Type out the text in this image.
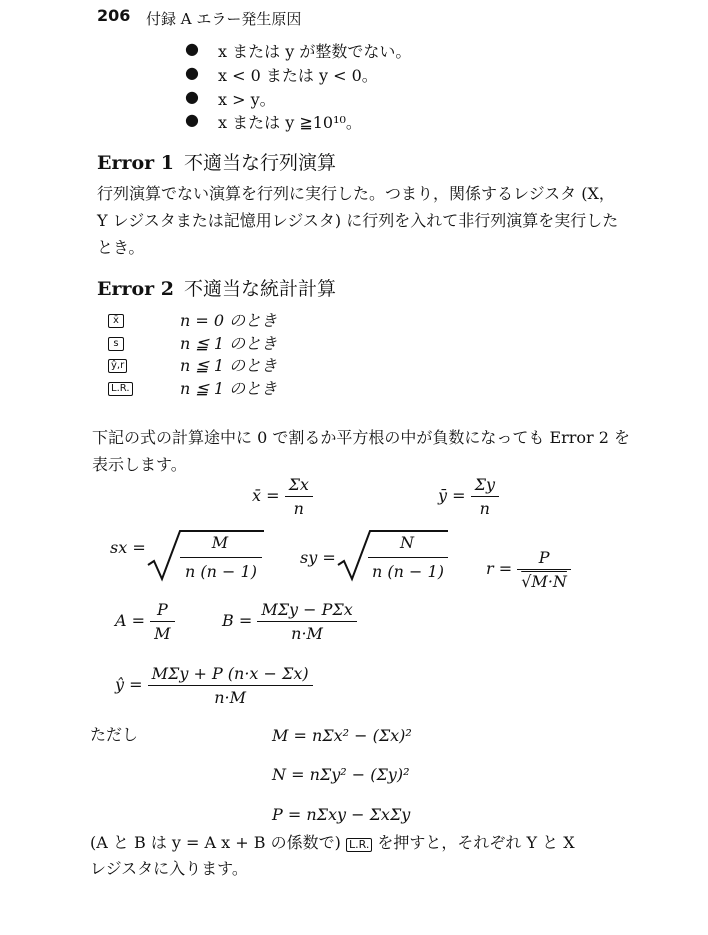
206 付録 A エラー発生原因
● x または y が整数でない。
● x < 0 または y < 0。
● x > y。
● x または y ≧10¹⁰。
Error 1 不適当な行列演算
行列演算でない演算を行列に実行した。つまり，関係するレジスタ (X，Y レジスタまたは記憶用レジスタ) に行列を入れて非行列演算を実行したとき。
Error 2 不適当な統計計算
x̄	n = 0 のとき
s	n ≦ 1 のとき
ŷ,r	n ≦ 1 のとき
L.R.	n ≦ 1 のとき
下記の式の計算途中に 0 で割るか平方根の中が負数になっても Error 2 を表示します。
x̄ = $\frac{\Sigma x}{n}$	ȳ = $\frac{\Sigma y}{n}$
sx =	M
n (n − 1)
sy =
N
n (n − 1)	$r = \frac{P}{√M\cdot N}$
$A = \frac{P}{M}$	$B = \frac{\text{MΣy − PΣx}}{n\cdot M}$
ŷ = $\frac{\text{MΣy + P (n·x − Σx)}}{n\cdot M}$
ただし	M = nΣx² − (Σx)²
N = nΣy² − (Σy)²
P = nΣxy − ΣxΣy
(A と B は y = A x + B の係数で) L.R. を押すと，それぞれ Y と X
レジスタに入ります。
